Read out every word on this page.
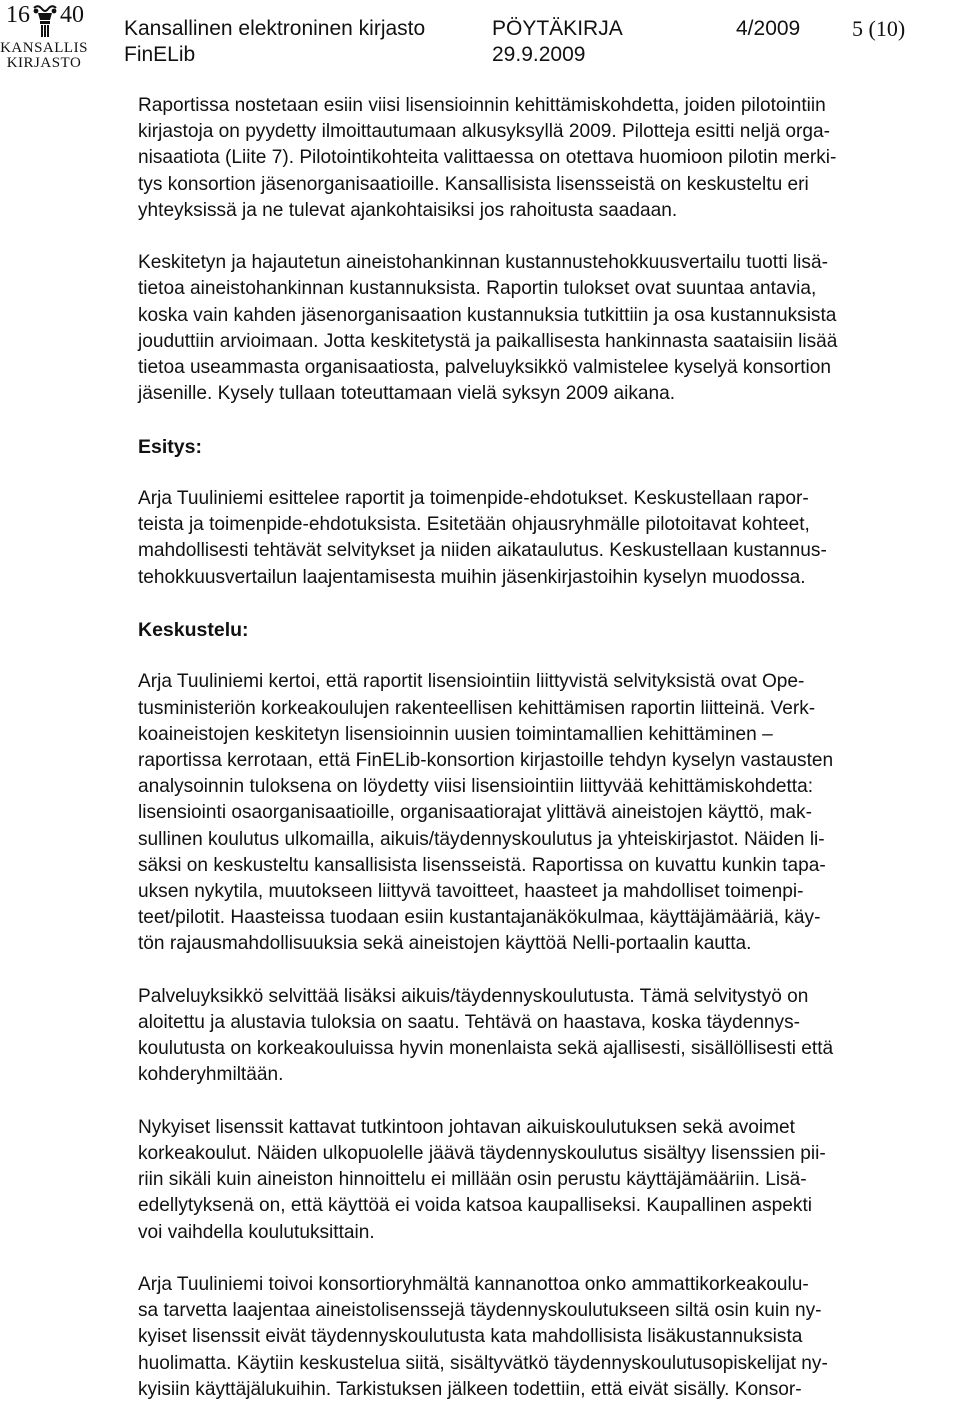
16 40
KANSALLIS
KIRJASTO
Kansallinen elektroninen kirjasto
FinELib
PÖYTÄKIRJA
29.9.2009
4/2009 5 (10)

Raportissa nostetaan esiin viisi lisensioinnin kehittämiskohdetta, joiden pilotointiin
kirjastoja on pyydetty ilmoittautumaan alkusyksyllä 2009. Pilotteja esitti neljä orga-
nisaatiota (Liite 7). Pilotointikohteita valittaessa on otettava huomioon pilotin merki-
tys konsortion jäsenorganisaatioille. Kansallisista lisensseistä on keskusteltu eri
yhteyksissä ja ne tulevat ajankohtaisiksi jos rahoitusta saadaan.

Keskitetyn ja hajautetun aineistohankinnan kustannustehokkuusvertailu tuotti lisä-
tietoa aineistohankinnan kustannuksista. Raportin tulokset ovat suuntaa antavia,
koska vain kahden jäsenorganisaation kustannuksia tutkittiin ja osa kustannuksista
jouduttiin arvioimaan. Jotta keskitetystä ja paikallisesta hankinnasta saataisiin lisää
tietoa useammasta organisaatiosta, palveluyksikkö valmistelee kyselyä konsortion
jäsenille. Kysely tullaan toteuttamaan vielä syksyn 2009 aikana.

Esitys:

Arja Tuuliniemi esittelee raportit ja toimenpide-ehdotukset. Keskustellaan rapor-
teista ja toimenpide-ehdotuksista. Esitetään ohjausryhmälle pilotoitavat kohteet,
mahdollisesti tehtävät selvitykset ja niiden aikataulutus. Keskustellaan kustannus-
tehokkuusvertailun laajentamisesta muihin jäsenkirjastoihin kyselyn muodossa.

Keskustelu:

Arja Tuuliniemi kertoi, että raportit lisensiointiin liittyvistä selvityksistä ovat Ope-
tusministeriön korkeakoulujen rakenteellisen kehittämisen raportin liitteinä. Verk-
koaineistojen keskitetyn lisensioinnin uusien toimintamallien kehittäminen –
raportissa kerrotaan, että FinELib-konsortion kirjastoille tehdyn kyselyn vastausten
analysoinnin tuloksena on löydetty viisi lisensiointiin liittyvää kehittämiskohdetta:
lisensiointi osaorganisaatioille, organisaatiorajat ylittävä aineistojen käyttö, mak-
sullinen koulutus ulkomailla, aikuis/täydennyskoulutus ja yhteiskirjastot. Näiden li-
säksi on keskusteltu kansallisista lisensseistä. Raportissa on kuvattu kunkin tapa-
uksen nykytila, muutokseen liittyvä tavoitteet, haasteet ja mahdolliset toimenpi-
teet/pilotit. Haasteissa tuodaan esiin kustantajanäkökulmaa, käyttäjämääriä, käy-
tön rajausmahdollisuuksia sekä aineistojen käyttöä Nelli-portaalin kautta.

Palveluyksikkö selvittää lisäksi aikuis/täydennyskoulutusta. Tämä selvitystyö on
aloitettu ja alustavia tuloksia on saatu. Tehtävä on haastava, koska täydennys-
koulutusta on korkeakouluissa hyvin monenlaista sekä ajallisesti, sisällöllisesti että
kohderyhmiltään.

Nykyiset lisenssit kattavat tutkintoon johtavan aikuiskoulutuksen sekä avoimet
korkeakoulut. Näiden ulkopuolelle jäävä täydennyskoulutus sisältyy lisenssien pii-
riin sikäli kuin aineiston hinnoittelu ei millään osin perustu käyttäjämääriin. Lisä-
edellytyksenä on, että käyttöä ei voida katsoa kaupalliseksi. Kaupallinen aspekti
voi vaihdella koulutuksittain.

Arja Tuuliniemi toivoi konsortioryhmältä kannanottoa onko ammattikorkeakoulu-
sa tarvetta laajentaa aineistolisenssejä täydennyskoulutukseen siltä osin kuin ny-
kyiset lisenssit eivät täydennyskoulutusta kata mahdollisista lisäkustannuksista
huolimatta. Käytiin keskustelua siitä, sisältyvätkö täydennyskoulutusopiskelijat ny-
kyisiin käyttäjälukuihin. Tarkistuksen jälkeen todettiin, että eivät sisälly. Konsor-
